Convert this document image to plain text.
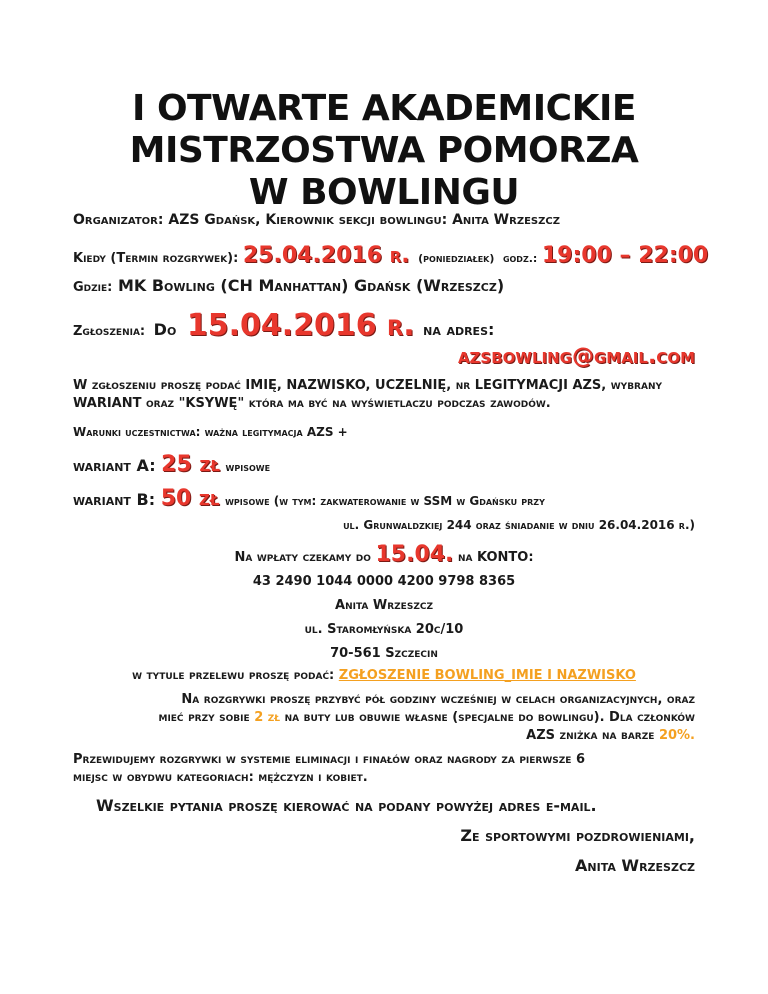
I OTWARTE AKADEMICKIE
MISTRZOSTWA POMORZA
W BOWLINGU
Organizator: AZS Gdańsk, Kierownik sekcji bowlingu: Anita Wrzeszcz
Kiedy (Termin rozgrywek): 25.04.2016 r. (poniedziałek) godz.: 19:00 – 22:00
Gdzie: MK Bowling (CH Manhattan) Gdańsk (Wrzeszcz)
Zgłoszenia: Do 15.04.2016 r. na adres:
azsbowling@gmail.com
W zgłoszeniu proszę podać IMIĘ, NAZWISKO, UCZELNIĘ, nr LEGITYMACJI AZS, wybrany
WARIANT oraz "KSYWĘ" która ma być na wyświetlaczu podczas zawodów.
Warunki uczestnictwa: ważna legitymacja AZS +
wariant A: 25 zł wpisowe
wariant B: 50 zł wpisowe (w tym: zakwaterowanie w SSM w Gdańsku przy
ul. Grunwaldzkiej 244 oraz śniadanie w dniu 26.04.2016 r.)
Na wpłaty czekamy do 15.04. na KONTO:
43 2490 1044 0000 4200 9798 8365
Anita Wrzeszcz
ul. Staromłyńska 20c/10
70-561 Szczecin
w tytule przelewu proszę podać: ZGŁOSZENIE BOWLING_IMIE I NAZWISKO
Na rozgrywki proszę przybyć pół godziny wcześniej w celach organizacyjnych, oraz
mieć przy sobie 2 zł na buty lub obuwie własne (specjalne do bowlingu). Dla członków
AZS zniżka na barze 20%.
Przewidujemy rozgrywki w systemie eliminacji i finałów oraz nagrody za pierwsze 6
miejsc w obydwu kategoriach: mężczyzn i kobiet.
Wszelkie pytania proszę kierować na podany powyżej adres e-mail.
Ze sportowymi pozdrowieniami,
Anita Wrzeszcz
